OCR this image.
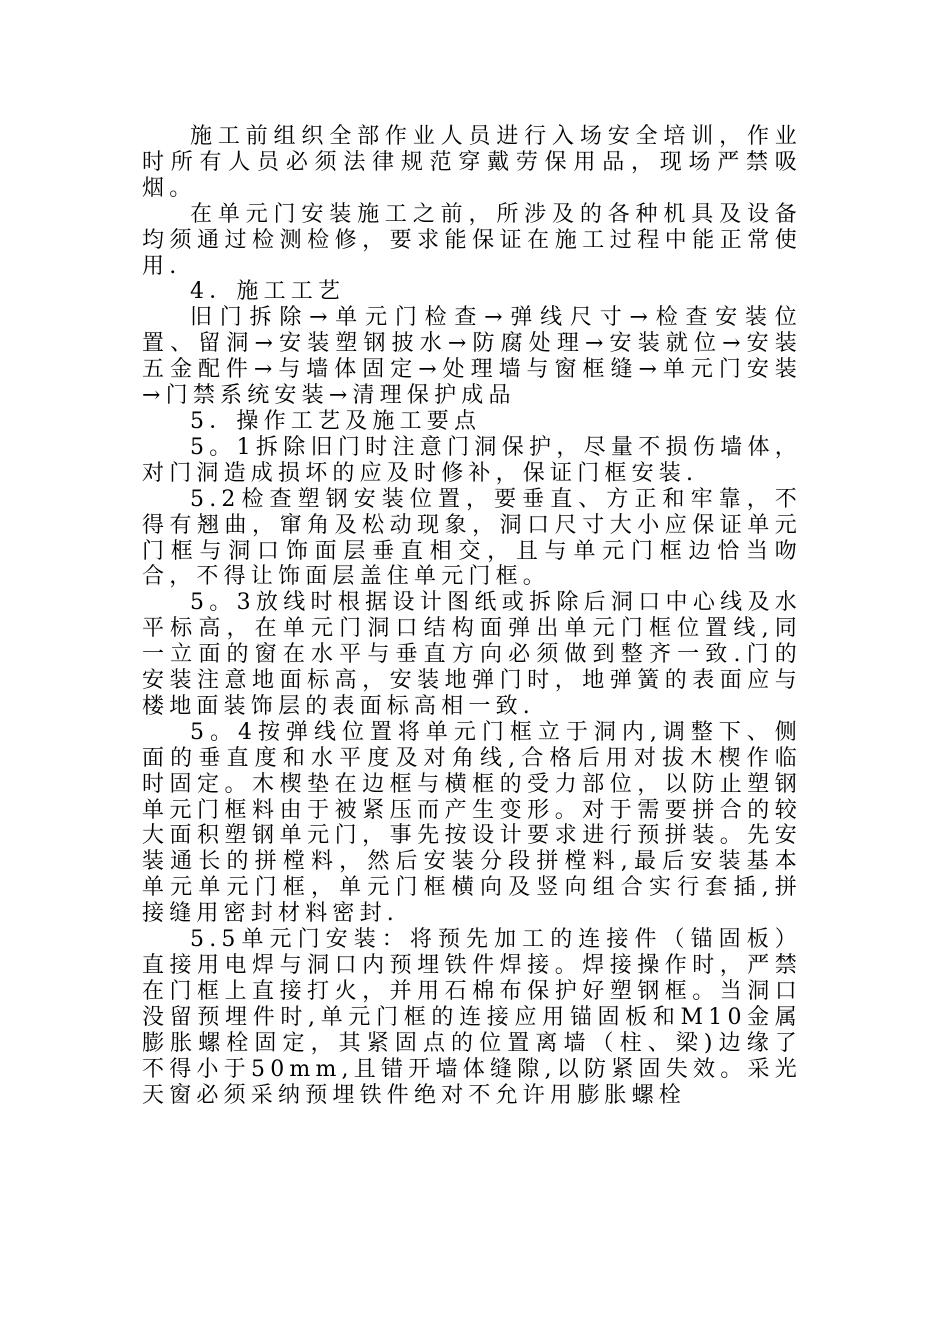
施工前组织全部作业人员进行入场安全培训，作业时所有人员必须法律规范穿戴劳保用品，现场严禁吸烟。

在单元门安装施工之前，所涉及的各种机具及设备均须通过检测检修，要求能保证在施工过程中能正常使用.

4．施工工艺

旧门拆除→单元门检查→弹线尺寸→检查安装位置、留洞→安装塑钢披水→防腐处理→安装就位→安装五金配件→与墙体固定→处理墙与窗框缝→单元门安装→门禁系统安装→清理保护成品

5．操作工艺及施工要点

5。1拆除旧门时注意门洞保护，尽量不损伤墙体，对门洞造成损坏的应及时修补，保证门框安装.

5.2检查塑钢安装位置，要垂直、方正和牢靠，不得有翘曲，窜角及松动现象，洞口尺寸大小应保证单元门框与洞口饰面层垂直相交，且与单元门框边恰当吻合，不得让饰面层盖住单元门框。

5。3放线时根据设计图纸或拆除后洞口中心线及水平标高，在单元门洞口结构面弹出单元门框位置线,同一立面的窗在水平与垂直方向必须做到整齐一致.门的安装注意地面标高，安装地弹门时，地弹簧的表面应与楼地面装饰层的表面标高相一致.

5。4按弹线位置将单元门框立于洞内,调整下、侧面的垂直度和水平度及对角线,合格后用对拔木楔作临时固定。木楔垫在边框与横框的受力部位，以防止塑钢单元门框料由于被紧压而产生变形。对于需要拼合的较大面积塑钢单元门，事先按设计要求进行预拼装。先安装通长的拼樘料，然后安装分段拼樘料,最后安装基本单元单元门框，单元门框横向及竖向组合实行套插,拼接缝用密封材料密封.

5.5单元门安装：将预先加工的连接件（锚固板）直接用电焊与洞口内预埋铁件焊接。焊接操作时，严禁在门框上直接打火，并用石棉布保护好塑钢框。当洞口没留预埋件时,单元门框的连接应用锚固板和M10金属膨胀螺栓固定，其紧固点的位置离墙（柱、梁)边缘了不得小于50mm,且错开墙体缝隙,以防紧固失效。采光天窗必须采纳预埋铁件绝对不允许用膨胀螺栓
